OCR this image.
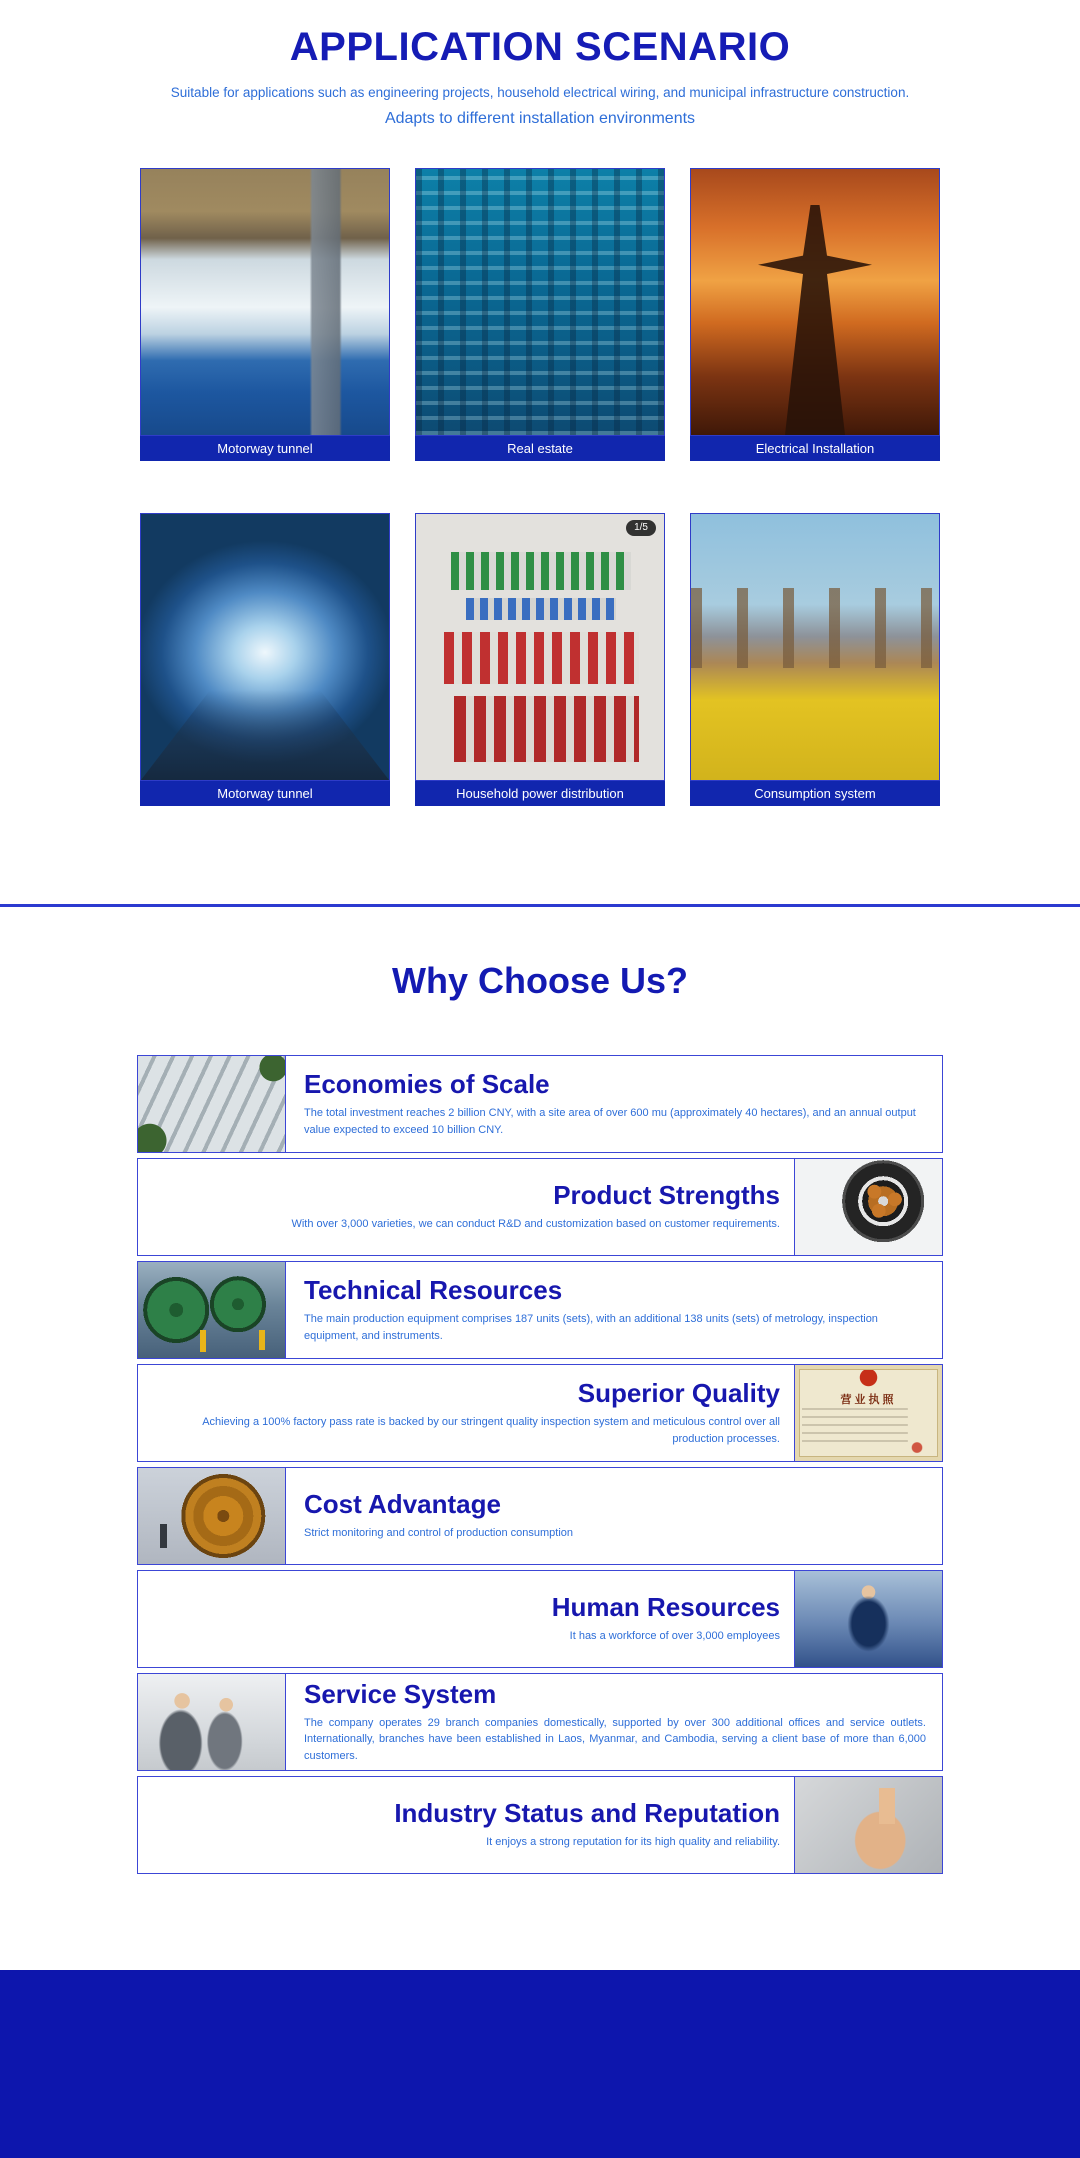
APPLICATION SCENARIO

Suitable for applications such as engineering projects, household electrical wiring, and municipal infrastructure construction.

Adapts to different installation environments

Motorway tunnel	Real estate	Electrical Installation
Motorway tunnel
1/5
Household power distribution	Consumption system
Why Choose Us?
Economies of Scale

The total investment reaches 2 billion CNY, with a site area of over 600 mu (approximately 40 hectares), and an annual output value expected to exceed 10 billion CNY.

Product Strengths

With over 3,000 varieties, we can conduct R&D and customization based on customer requirements.

Technical Resources

The main production equipment comprises 187 units (sets), with an additional 138 units (sets) of metrology, inspection equipment, and instruments.

营业执照
Superior Quality

Achieving a 100% factory pass rate is backed by our stringent quality inspection system and meticulous control over all production processes.

Cost Advantage

Strict monitoring and control of production consumption

Human Resources

It has a workforce of over 3,000 employees

Service System

The company operates 29 branch companies domestically, supported by over 300 additional offices and service outlets. Internationally, branches have been established in Laos, Myanmar, and Cambodia, serving a client base of more than 6,000 customers.

Industry Status and Reputation

It enjoys a strong reputation for its high quality and reliability.
